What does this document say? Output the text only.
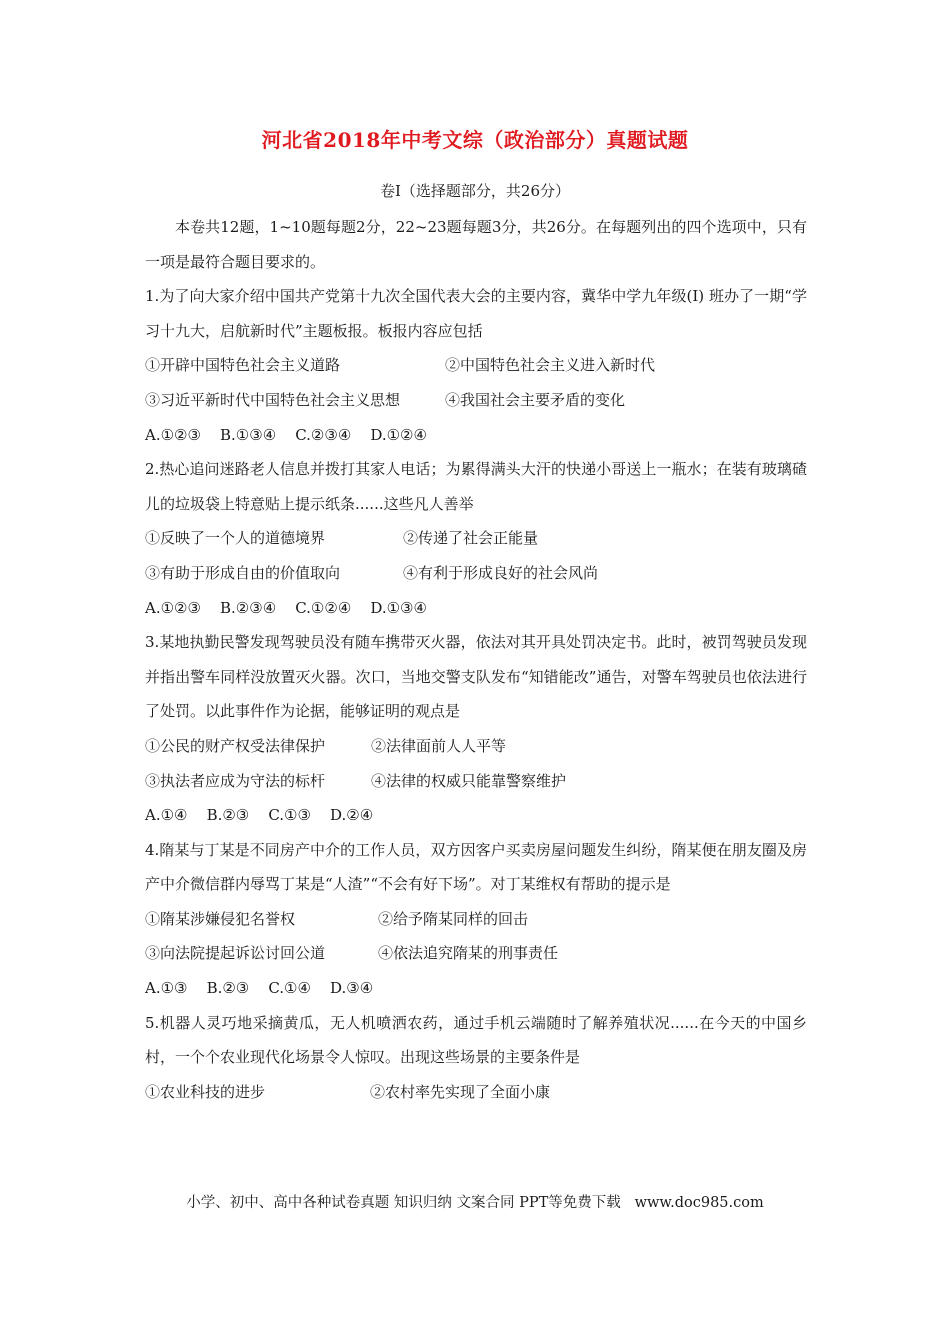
河北省2018年中考文综（政治部分）真题试题
卷Ⅰ（选择题部分，共26分）
本卷共12题，1~10题每题2分，22~23题每题3分，共26分。在每题列出的四个选项中，只有一项是最符合题目要求的。
1.为了向大家介绍中国共产党第十九次全国代表大会的主要内容，冀华中学九年级(I) 班办了一期“学习十九大，启航新时代”主题板报。板报内容应包括
①开辟中国特色社会主义道路	②中国特色社会主义进入新时代
③习近平新时代中国特色社会主义思想	④我国社会主要矛盾的变化
A.①②③    B.①③④    C.②③④    D.①②④
2.热心追问迷路老人信息并拨打其家人电话；为累得满头大汗的快递小哥送上一瓶水；在装有玻璃碴儿的垃圾袋上特意贴上提示纸条......这些凡人善举
①反映了一个人的道德境界	②传递了社会正能量
③有助于形成自由的价值取向	④有利于形成良好的社会风尚
A.①②③    B.②③④    C.①②④    D.①③④
3.某地执勤民警发现驾驶员没有随车携带灭火器，依法对其开具处罚决定书。此时，被罚驾驶员发现并指出警车同样没放置灭火器。次口，当地交警支队发布“知错能改”通告，对警车驾驶员也依法进行了处罚。以此事件作为论据，能够证明的观点是
①公民的财产权受法律保护	②法律面前人人平等
③执法者应成为守法的标杆	④法律的权威只能靠警察维护
A.①④    B.②③    C.①③    D.②④
4.隋某与丁某是不同房产中介的工作人员，双方因客户买卖房屋问题发生纠纷，隋某便在朋友圈及房产中介微信群内辱骂丁某是“人渣”“不会有好下场”。对丁某维权有帮助的提示是
①隋某涉嫌侵犯名誉权	②给予隋某同样的回击
③向法院提起诉讼讨回公道	④依法追究隋某的刑事责任
A.①③    B.②③    C.①④    D.③④
5.机器人灵巧地采摘黄瓜，无人机喷洒农药，通过手机云端随时了解养殖状况......在今天的中国乡村，一个个农业现代化场景令人惊叹。出现这些场景的主要条件是
①农业科技的进步	②农村率先实现了全面小康
小学、初中、高中各种试卷真题 知识归纳 文案合同 PPT等免费下载   www.doc985.com
